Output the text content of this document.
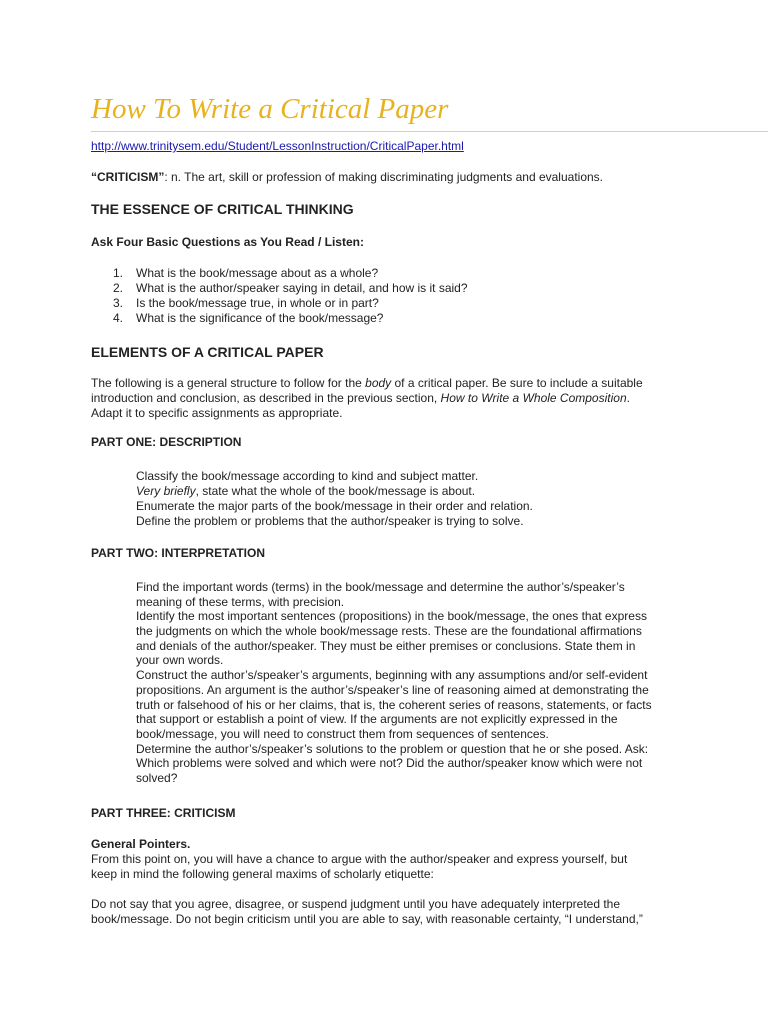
How To Write a Critical Paper
http://www.trinitysem.edu/Student/LessonInstruction/CriticalPaper.html
“CRITICISM”: n. The art, skill or profession of making discriminating judgments and evaluations.
THE ESSENCE OF CRITICAL THINKING
Ask Four Basic Questions as You Read / Listen:
1. What is the book/message about as a whole?
2. What is the author/speaker saying in detail, and how is it said?
3. Is the book/message true, in whole or in part?
4. What is the significance of the book/message?
ELEMENTS OF A CRITICAL PAPER
The following is a general structure to follow for the body of a critical paper. Be sure to include a suitable
introduction and conclusion, as described in the previous section, How to Write a Whole Composition.
Adapt it to specific assignments as appropriate.
PART ONE: DESCRIPTION
Classify the book/message according to kind and subject matter.
Very briefly, state what the whole of the book/message is about.
Enumerate the major parts of the book/message in their order and relation.
Define the problem or problems that the author/speaker is trying to solve.
PART TWO: INTERPRETATION
Find the important words (terms) in the book/message and determine the author’s/speaker’s
meaning of these terms, with precision.
Identify the most important sentences (propositions) in the book/message, the ones that express
the judgments on which the whole book/message rests. These are the foundational affirmations
and denials of the author/speaker. They must be either premises or conclusions. State them in
your own words.
Construct the author’s/speaker’s arguments, beginning with any assumptions and/or self-evident
propositions. An argument is the author’s/speaker’s line of reasoning aimed at demonstrating the
truth or falsehood of his or her claims, that is, the coherent series of reasons, statements, or facts
that support or establish a point of view. If the arguments are not explicitly expressed in the
book/message, you will need to construct them from sequences of sentences.
Determine the author’s/speaker’s solutions to the problem or question that he or she posed. Ask:
Which problems were solved and which were not? Did the author/speaker know which were not
solved?
PART THREE: CRITICISM
General Pointers.
From this point on, you will have a chance to argue with the author/speaker and express yourself, but
keep in mind the following general maxims of scholarly etiquette:
Do not say that you agree, disagree, or suspend judgment until you have adequately interpreted the
book/message. Do not begin criticism until you are able to say, with reasonable certainty, “I understand,”
